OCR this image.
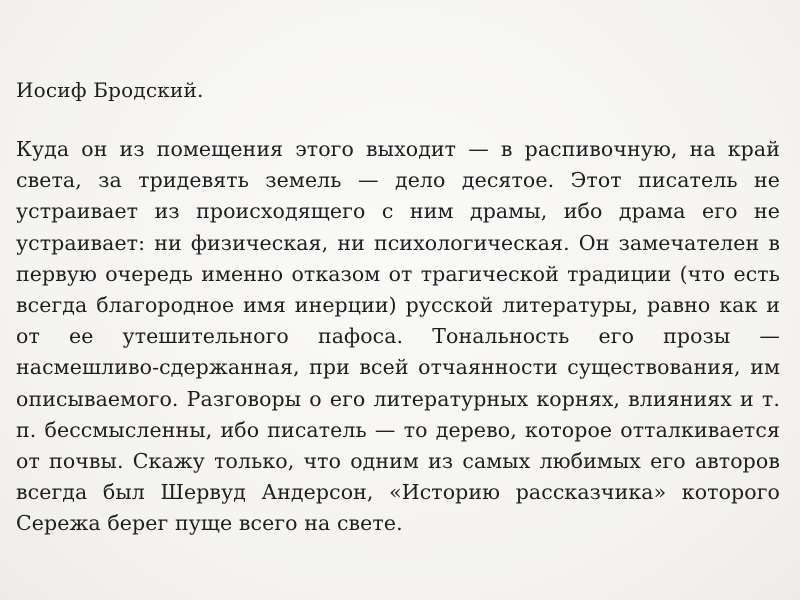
Иосиф Бродский.

Куда он из помещения этого выходит — в распивочную, на край
света, за тридевять земель — дело десятое. Этот писатель не
устраивает из происходящего с ним драмы, ибо драма его не
устраивает: ни физическая, ни психологическая. Он замечателен в
первую очередь именно отказом от трагической традиции (что есть
всегда благородное имя инерции) русской литературы, равно как и
от ее утешительного пафоса. Тональность его прозы —
насмешливо-сдержанная, при всей отчаянности существования, им
описываемого. Разговоры о его литературных корнях, влияниях и т.
п. бессмысленны, ибо писатель — то дерево, которое отталкивается
от почвы. Скажу только, что одним из самых любимых его авторов
всегда был Шервуд Андерсон, «Историю рассказчика» которого
Сережа берег пуще всего на свете.
